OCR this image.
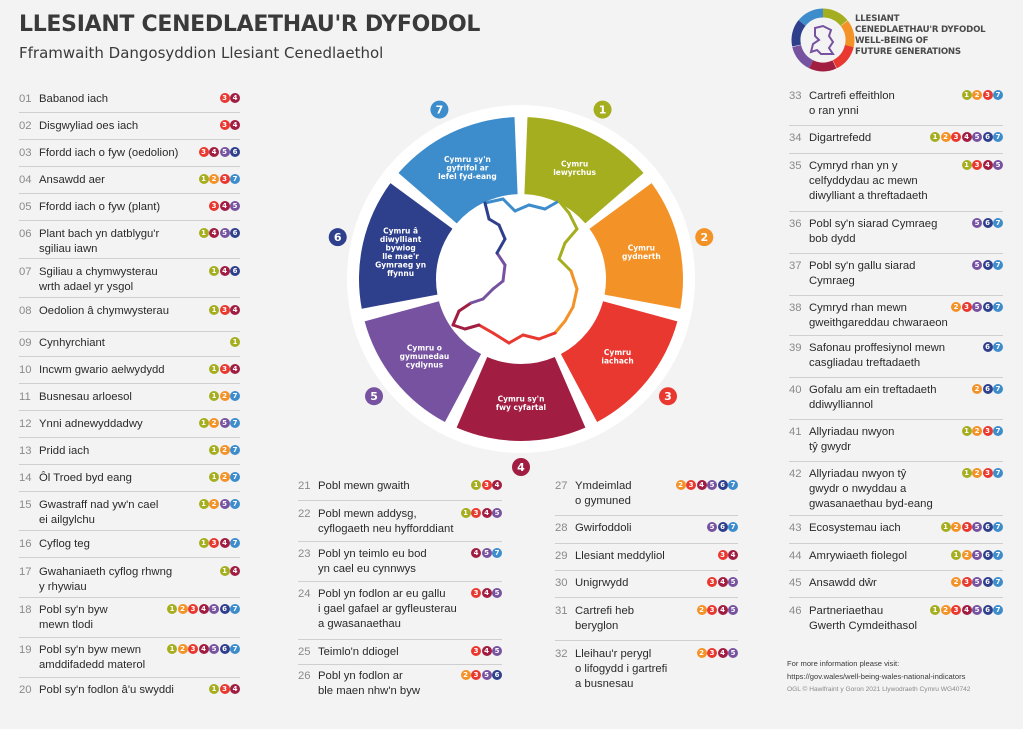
LLESIANT CENEDLAETHAU'R DYFODOL
Fframwaith Dangosyddion Llesiant Cenedlaethol
LLESIANT
CENEDLAETHAU'R DYFODOL
WELL-BEING OF
FUTURE GENERATIONS
Cymru lewyrchus
1
Cymru gydnerth
2
Cymru iachach
3
Cymru sy'n fwy cyfartal
4
Cymru o gymunedau cydlynus
5
Cymru â diwylliant bywiog lle mae'r Gymraeg yn ffynnu
6
Cymru sy'n gyfrifol ar lefel fyd-eang
7
01 Babanod iach	3 4
02 Disgwyliad oes iach	3 4
03 Ffordd iach o fyw (oedolion)	3 4 5 6
04 Ansawdd aer	1 2 3 7
05 Ffordd iach o fyw (plant)	3 4 5
06 Plant bach yn datblygu'r
sgiliau iawn
1 4 5 6
07 Sgiliau a chymwysterau
wrth adael yr ysgol
1 4 6
08 Oedolion â chymwysterau	1 3 4
09 Cynhyrchiant	1
10 Incwm gwario aelwydydd	1 3 4
11 Busnesau arloesol	1 2 7
12 Ynni adnewyddadwy	1 2 5 7
13 Pridd iach	1 2 7
14 Ôl Troed byd eang	1 2 7
15 Gwastraff nad yw'n cael
ei ailgylchu
1 2 5 7
16 Cyflog teg	1 3 4 7
17 Gwahaniaeth cyflog rhwng
y rhywiau
1 4
18 Pobl sy'n byw
mewn tlodi
1 2 3 4 5 6 7
19 Pobl sy'n byw mewn
amddifadedd materol
1 2 3 4 5 6 7
20 Pobl sy'n fodlon â'u swyddi	1 3 4
21 Pobl mewn gwaith	1 3 4
22 Pobl mewn addysg,
cyflogaeth neu hyfforddiant
1 3 4 5
23 Pobl yn teimlo eu bod
yn cael eu cynnwys
4 5 7
24 Pobl yn fodlon ar eu gallu
i gael gafael ar gyfleusterau
a gwasanaethau
3 4 5
25 Teimlo'n ddiogel	3 4 5
26 Pobl yn fodlon ar
ble maen nhw'n byw
2 3 5 6
27 Ymdeimlad
o gymuned
2 3 4 5 6 7
28 Gwirfoddoli	5 6 7
29 Llesiant meddyliol	3 4
30 Unigrwydd	3 4 5
31 Cartrefi heb
beryglon
2 3 4 5
32 Lleihau'r perygl
o lifogydd i gartrefi
a busnesau
2 3 4 5
33 Cartrefi effeithlon
o ran ynni
1 2 3 7
34 Digartrefedd	1 2 3 4 5 6 7
35 Cymryd rhan yn y
celfyddydau ac mewn
diwylliant a threftadaeth
1 3 4 5
36 Pobl sy'n siarad Cymraeg
bob dydd
5 6 7
37 Pobl sy'n gallu siarad
Cymraeg
5 6 7
38 Cymryd rhan mewn
gweithgareddau chwaraeon
2 3 5 6 7
39 Safonau proffesiynol mewn
casgliadau treftadaeth
6 7
40 Gofalu am ein treftadaeth
ddiwylliannol
2 6 7
41 Allyriadau nwyon
tŷ gwydr
1 2 3 7
42 Allyriadau nwyon tŷ
gwydr o nwyddau a
gwasanaethau byd-eang
1 2 3 7
43 Ecosystemau iach	1 2 3 5 6 7
44 Amrywiaeth fiolegol	1 2 5 6 7
45 Ansawdd dŵr	2 3 5 6 7
46 Partneriaethau
Gwerth Cymdeithasol
1 2 3 4 5 6 7
For more information please visit:
https://gov.wales/well-being-wales-national-indicators
OGL © Hawlfraint y Goron 2021 Llywodraeth Cymru WG40742
